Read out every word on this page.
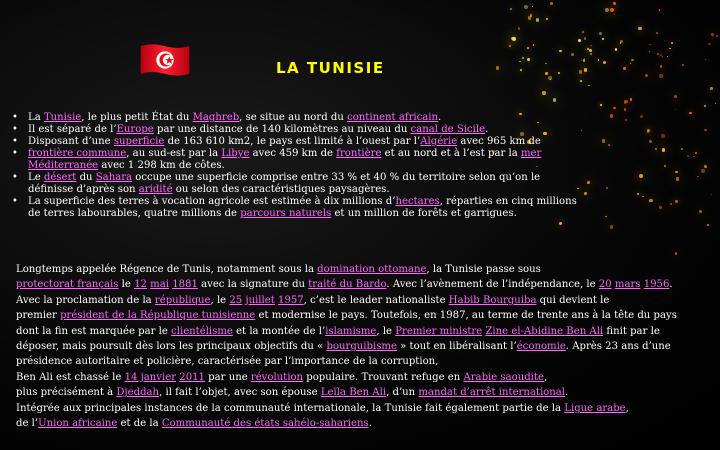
LA TUNISIE
• La Tunisie, le plus petit État du Maghreb, se situe au nord du continent africain.
• Il est séparé de l’Europe par une distance de 140 kilomètres au niveau du canal de Sicile.
• Disposant d’une superficie de 163 610 km2, le pays est limité à l’ouest par l’Algérie avec 965 km de
• frontière commune, au sud-est par la Libye avec 459 km de frontière et au nord et à l’est par la mer Méditerranée avec 1 298 km de côtes.
• Le désert du Sahara occupe une superficie comprise entre 33 % et 40 % du territoire selon qu’on le définisse d’après son aridité ou selon des caractéristiques paysagères.
• La superficie des terres à vocation agricole est estimée à dix millions d’hectares, réparties en cinq millions de terres labourables, quatre millions de parcours naturels et un million de forêts et garrigues.
Longtemps appelée Régence de Tunis, notamment sous la domination ottomane, la Tunisie passe sous
protectorat français le 12 mai 1881 avec la signature du traité du Bardo. Avec l’avènement de l’indépendance, le 20 mars 1956.
Avec la proclamation de la république, le 25 juillet 1957, c’est le leader nationaliste Habib Bourguiba qui devient le
premier président de la République tunisienne et modernise le pays. Toutefois, en 1987, au terme de trente ans à la tête du pays
dont la fin est marquée par le clientélisme et la montée de l’islamisme, le Premier ministre Zine el-Abidine Ben Ali finit par le
déposer, mais poursuit dès lors les principaux objectifs du « bourguibisme » tout en libéralisant l’économie. Après 23 ans d’une
présidence autoritaire et policière, caractérisée par l’importance de la corruption,
Ben Ali est chassé le 14 janvier 2011 par une révolution populaire. Trouvant refuge en Arabie saoudite,
plus précisément à Djeddah, il fait l’objet, avec son épouse Leïla Ben Ali, d’un mandat d’arrêt international.
Intégrée aux principales instances de la communauté internationale, la Tunisie fait également partie de la Ligue arabe,
de l’Union africaine et de la Communauté des états sahélo-sahariens.
